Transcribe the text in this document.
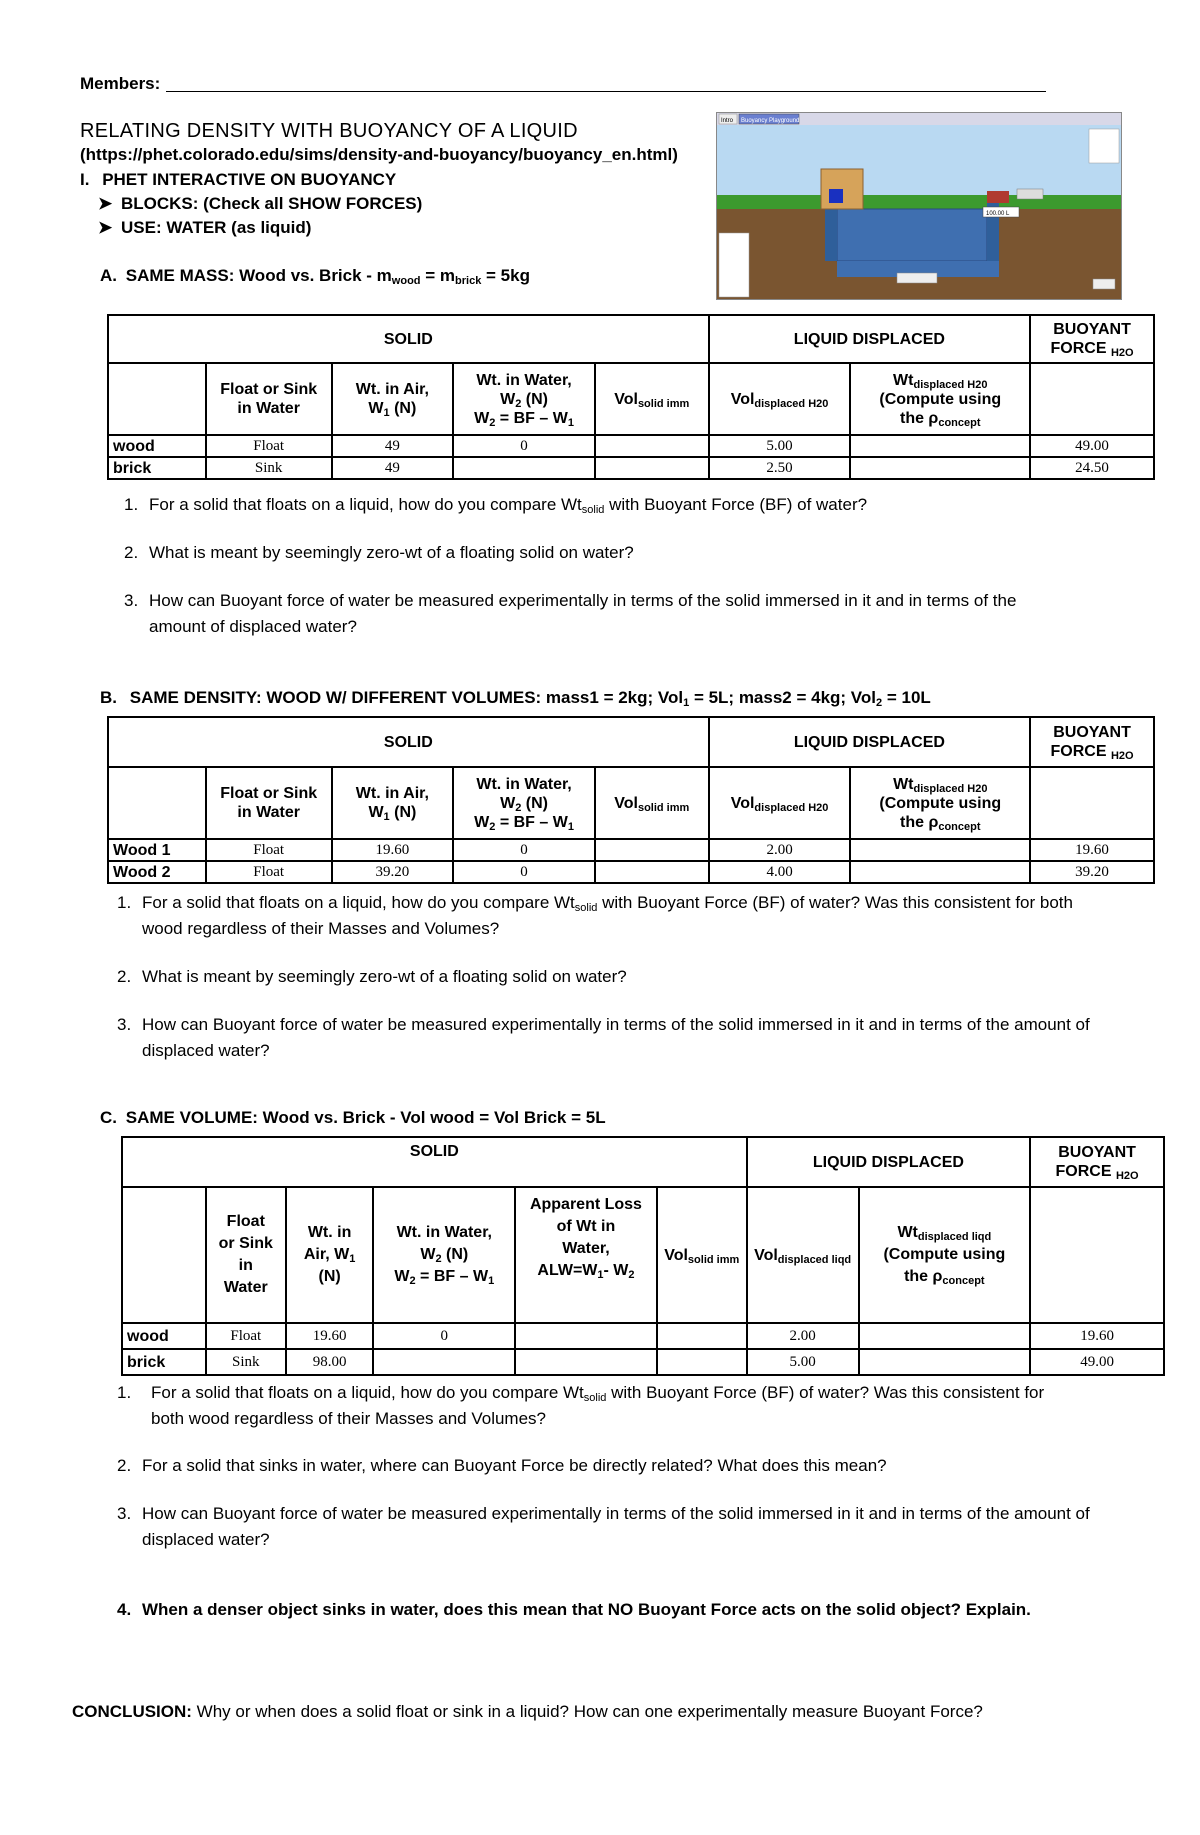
Members:
RELATING DENSITY WITH BUOYANCY OF A LIQUID
(https://phet.colorado.edu/sims/density-and-buoyancy/buoyancy_en.html)
I. PHET INTERACTIVE ON BUOYANCY
➤ BLOCKS: (Check all SHOW FORCES)
➤ USE: WATER (as liquid)
Intro Buoyancy Playground
100.00 L
A. SAME MASS: Wood vs. Brick - $m_{wood} = m_{brick} = 5kg$
SOLID					LIQUID DISPLACED		BUOYANT
FORCE $_{H2O}$
	Float or Sink
in Water	Wt. in Air,
$W_1$ (N)	Wt. in Water,
$W_2$ (N)
$W_2$ = BF – $W_1$	Vol$_{solid imm}$	Vol$_{displaced H20}$	$Wt_{displaced H20}$
(Compute using
the $\rho_{concept}$	
wood	Float	49	0		5.00		49.00
brick	Sink	49			2.50		24.50
1. For a solid that floats on a liquid, how do you compare $Wt_{solid}$ with Buoyant Force (BF) of water?
2. What is meant by seemingly zero-wt of a floating solid on water?
3. How can Buoyant force of water be measured experimentally in terms of the solid immersed in it and in terms of the amount of displaced water?
B. SAME DENSITY: WOOD W/ DIFFERENT VOLUMES: mass1 = 2kg; Vol$_1$ = 5L; mass2 = 4kg; Vol$_2$ = 10L
SOLID					LIQUID DISPLACED		BUOYANT
FORCE $_{H2O}$
	Float or Sink
in Water	Wt. in Air,
$W_1$ (N)	Wt. in Water,
$W_2$ (N)
$W_2$ = BF – $W_1$	Vol$_{solid imm}$	Vol$_{displaced H20}$	$Wt_{displaced H20}$
(Compute using
the $\rho_{concept}$	
Wood 1	Float	19.60	0		2.00		19.60
Wood 2	Float	39.20	0		4.00		39.20
1. For a solid that floats on a liquid, how do you compare $Wt_{solid}$ with Buoyant Force (BF) of water? Was this consistent for both wood regardless of their Masses and Volumes?
2. What is meant by seemingly zero-wt of a floating solid on water?
3. How can Buoyant force of water be measured experimentally in terms of the solid immersed in it and in terms of the amount of displaced water?
C. SAME VOLUME: Wood vs. Brick - Vol wood = Vol Brick = 5L
SOLID						LIQUID DISPLACED		BUOYANT
FORCE $_{H2O}$
	Float
or Sink
in
Water	Wt. in
Air, $W_1$
(N)	Wt. in Water,
$W_2$ (N)
$W_2$ = BF – $W_1$	Apparent Loss
of Wt in
Water,
$ALW=W_1-$ $W_2$	Vol$_{solid imm}$	Vol$_{displaced liqd}$	$Wt_{displaced liqd}$
(Compute using
the $\rho_{concept}$	
wood	Float	19.60	0			2.00		19.60
brick	Sink	98.00				5.00		49.00
1. For a solid that floats on a liquid, how do you compare $Wt_{solid}$ with Buoyant Force (BF) of water? Was this consistent for both wood regardless of their Masses and Volumes?
2. For a solid that sinks in water, where can Buoyant Force be directly related? What does this mean?
3. How can Buoyant force of water be measured experimentally in terms of the solid immersed in it and in terms of the amount of displaced water?
4. When a denser object sinks in water, does this mean that NO Buoyant Force acts on the solid object? Explain.
CONCLUSION: Why or when does a solid float or sink in a liquid? How can one experimentally measure Buoyant Force?
